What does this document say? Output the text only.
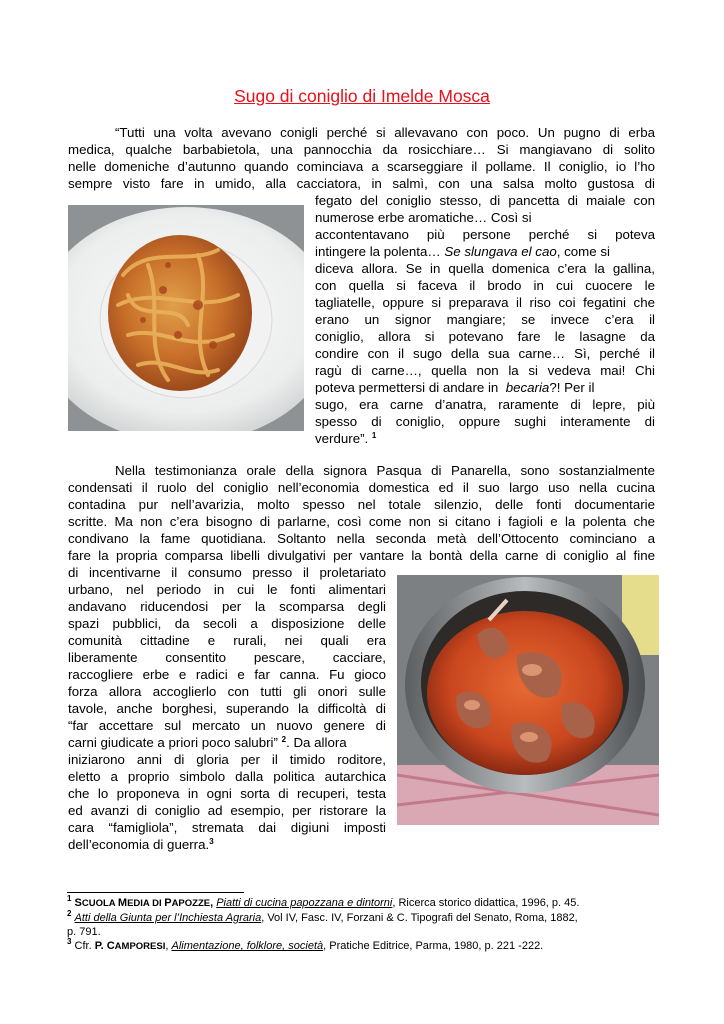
Sugo di coniglio di Imelde Mosca
“Tutti una volta avevano conigli perché si allevavano con poco. Un pugno di erba
medica, qualche barbabietola, una pannocchia da rosicchiare… Si mangiavano di solito
nelle domeniche d’autunno quando cominciava a scarseggiare il pollame. Il coniglio, io l’ho
sempre visto fare in umido, alla cacciatora, in salmì, con una salsa molto gustosa di
fegato del coniglio stesso, di pancetta di maiale con
numerose erbe aromatiche… Così si
accontentavano più persone perché si poteva
intingere la polenta… Se slungava el cao, come si
diceva allora. Se in quella domenica c’era la gallina,
con quella si faceva il brodo in cui cuocere le
tagliatelle, oppure si preparava il riso coi fegatini che
erano un signor mangiare; se invece c’era il
coniglio, allora si potevano fare le lasagne da
condire con il sugo della sua carne… Sì, perché il
ragù di carne…, quella non la si vedeva mai! Chi
poteva permettersi di andare in becaria?! Per il
sugo, era carne d’anatra, raramente di lepre, più
spesso di coniglio, oppure sughi interamente di
verdure”. $^1$
Nella testimonianza orale della signora Pasqua di Panarella, sono sostanzialmente
condensati il ruolo del coniglio nell’economia domestica ed il suo largo uso nella cucina
contadina pur nell’avarizia, molto spesso nel totale silenzio, delle fonti documentarie
scritte. Ma non c’era bisogno di parlarne, così come non si citano i fagioli e la polenta che
condivano la fame quotidiana. Soltanto nella seconda metà dell’Ottocento cominciano a
fare la propria comparsa libelli divulgativi per vantare la bontà della carne di coniglio al fine
di incentivarne il consumo presso il proletariato
urbano, nel periodo in cui le fonti alimentari
andavano riducendosi per la scomparsa degli
spazi pubblici, da secoli a disposizione delle
comunità cittadine e rurali, nei quali era
liberamente consentito pescare, cacciare,
raccogliere erbe e radici e far canna. Fu gioco
forza allora accoglierlo con tutti gli onori sulle
tavole, anche borghesi, superando la difficoltà di
“far accettare sul mercato un nuovo genere di
carni giudicate a priori poco salubri” $^2$. Da allora
iniziarono anni di gloria per il timido roditore,
eletto a proprio simbolo dalla politica autarchica
che lo proponeva in ogni sorta di recuperi, testa
ed avanzi di coniglio ad esempio, per ristorare la
cara “famigliola”, stremata dai digiuni imposti
dell’economia di guerra.$^3$
$^1$ SCUOLA MEDIA DI PAPOZZE, Piatti di cucina papozzana e dintorni, Ricerca storico didattica, 1996, p. 45.
$^2$ Atti della Giunta per l’Inchiesta Agraria, Vol IV, Fasc. IV, Forzani & C. Tipografi del Senato, Roma, 1882,
p. 791.
$^3$ Cfr. P. CAMPORESI, Alimentazione, folklore, società, Pratiche Editrice, Parma, 1980, p. 221 -222.
